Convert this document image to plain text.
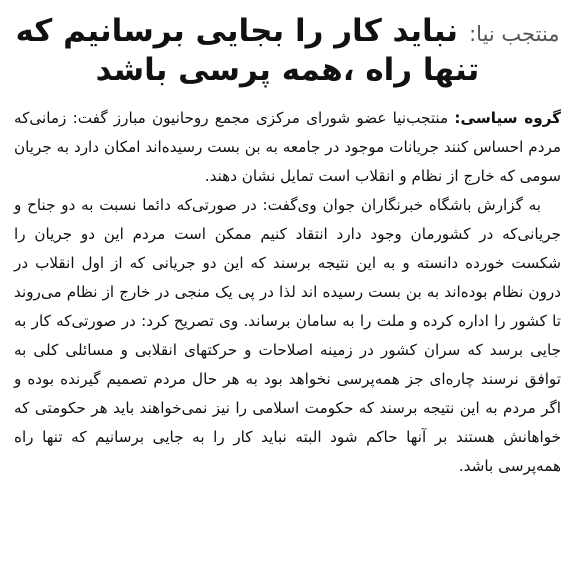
منتجب نیا: نباید کار را بجایی برسانیم که
تنها راه ،همه پرسی باشد

گروه سیاسی: منتجب‌نیا عضو شورای مرکزی مجمع روحانیون مبارز گفت: زمانی‌که مردم احساس کنند جریانات موجود در جامعه به بن بست رسیده‌اند امکان دارد به جریان سومی که خارج از نظام و انقلاب است تمایل نشان دهند.

به گزارش باشگاه خبرنگاران جوان وی‌گفت: در صورتی‌که دائما نسبت به دو جناح و جریانی‌که در کشورمان وجود دارد انتقاد کنیم ممکن است مردم این دو جریان را شکست خورده دانسته و به این نتیجه برسند که این دو جریانی که از اول انقلاب در درون نظام بوده‌اند به بن بست رسیده اند لذا در پی یک منجی در خارج از نظام می‌روند تا کشور را اداره کرده و ملت را به سامان برساند. وی تصریح کرد: در صورتی‌که کار به جایی برسد که سران کشور در زمینه اصلاحات و حرکتهای انقلابی و مسائلی کلی به توافق نرسند چاره‌ای جز همه‌پرسی نخواهد بود به هر حال مردم تصمیم گیرنده بوده و اگر مردم به این نتیجه برسند که حکومت اسلامی را نیز نمی‌خواهند باید هر حکومتی که خواهانش هستند بر آنها حاکم شود البته نباید کار را به جایی برسانیم که تنها راه همه‌پرسی باشد.
